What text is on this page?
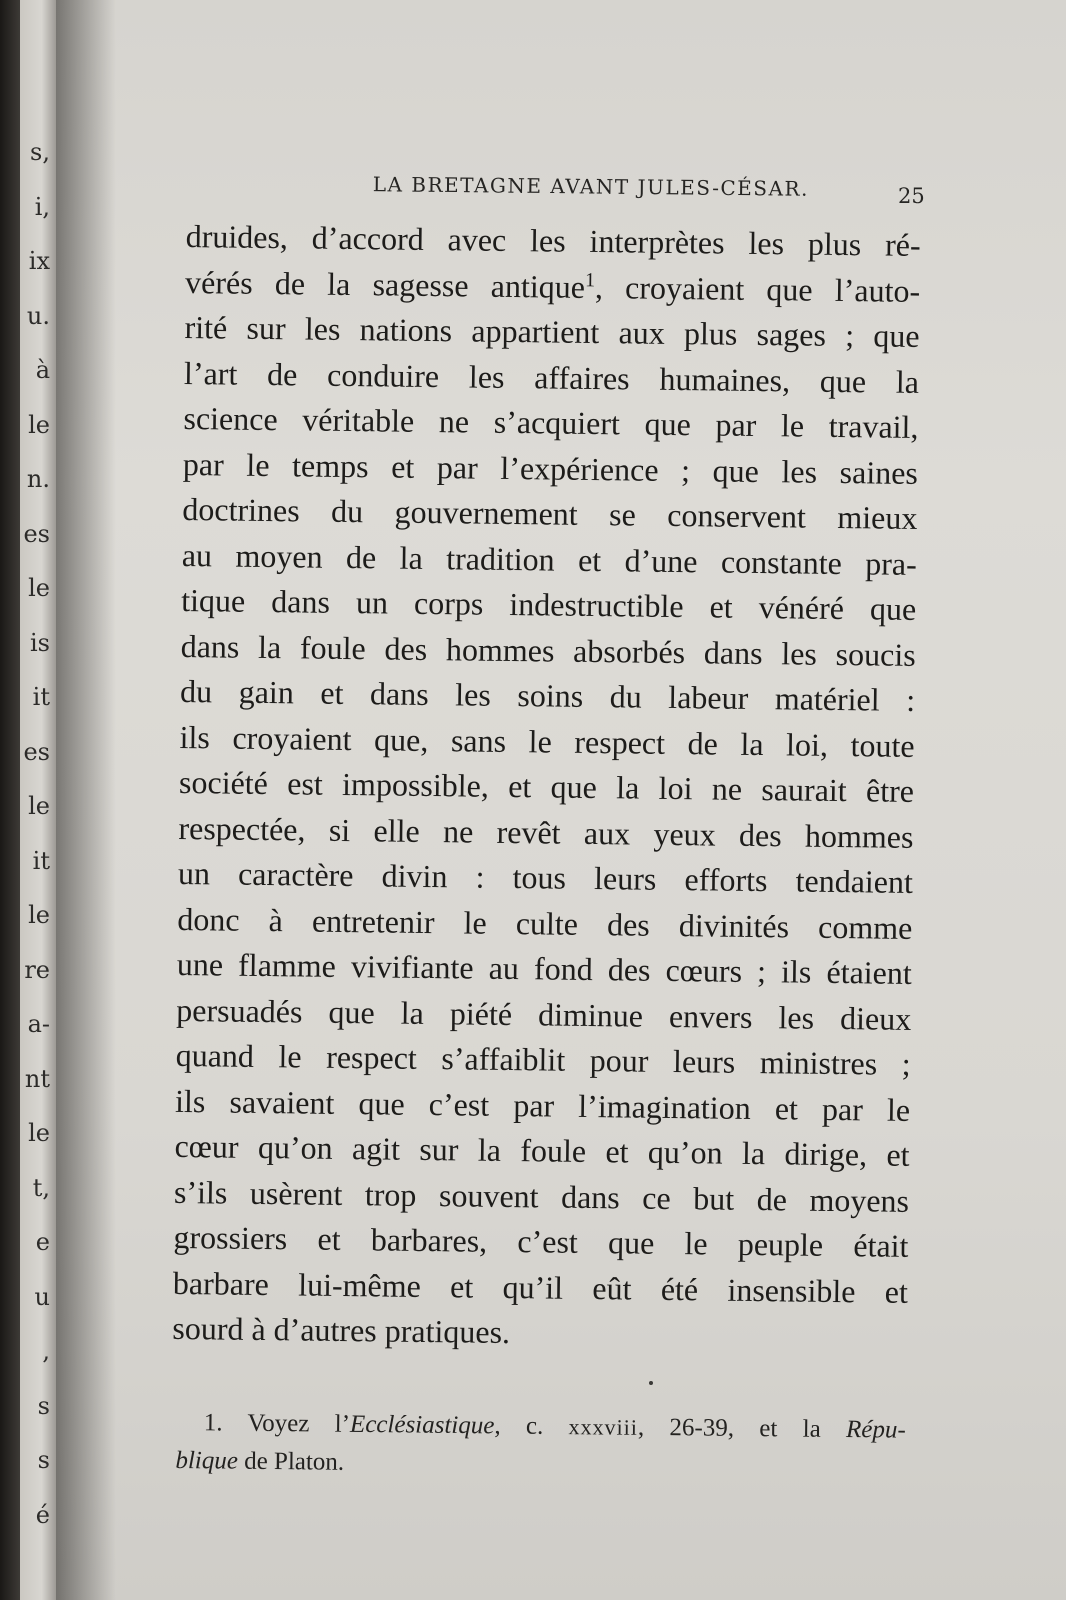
s,
i,
ix
u.
à
le
n.
es
le
is
it
es
le
it
le
re
a-
nt
le
t,
e
u
,
s
s
é
LA BRETAGNE AVANT JULES-CÉSAR.	25
druides, d’accord avec les interprètes les plus ré-
vérés de la sagesse antique$^1$, croyaient que l’auto-
rité sur les nations appartient aux plus sages ; que
l’art de conduire les affaires humaines, que la
science véritable ne s’acquiert que par le travail,
par le temps et par l’expérience ; que les saines
doctrines du gouvernement se conservent mieux
au moyen de la tradition et d’une constante pra-
tique dans un corps indestructible et vénéré que
dans la foule des hommes absorbés dans les soucis
du gain et dans les soins du labeur matériel :
ils croyaient que, sans le respect de la loi, toute
société est impossible, et que la loi ne saurait être
respectée, si elle ne revêt aux yeux des hommes
un caractère divin : tous leurs efforts tendaient
donc à entretenir le culte des divinités comme
une flamme vivifiante au fond des cœurs ; ils étaient
persuadés que la piété diminue envers les dieux
quand le respect s’affaiblit pour leurs ministres ;
ils savaient que c’est par l’imagination et par le
cœur qu’on agit sur la foule et qu’on la dirige, et
s’ils usèrent trop souvent dans ce but de moyens
grossiers et barbares, c’est que le peuple était
barbare lui-même et qu’il eût été insensible et
sourd à d’autres pratiques.
1. Voyez l’Ecclésiastique, c. xxxviii, 26-39, et la Répu-
blique de Platon.
